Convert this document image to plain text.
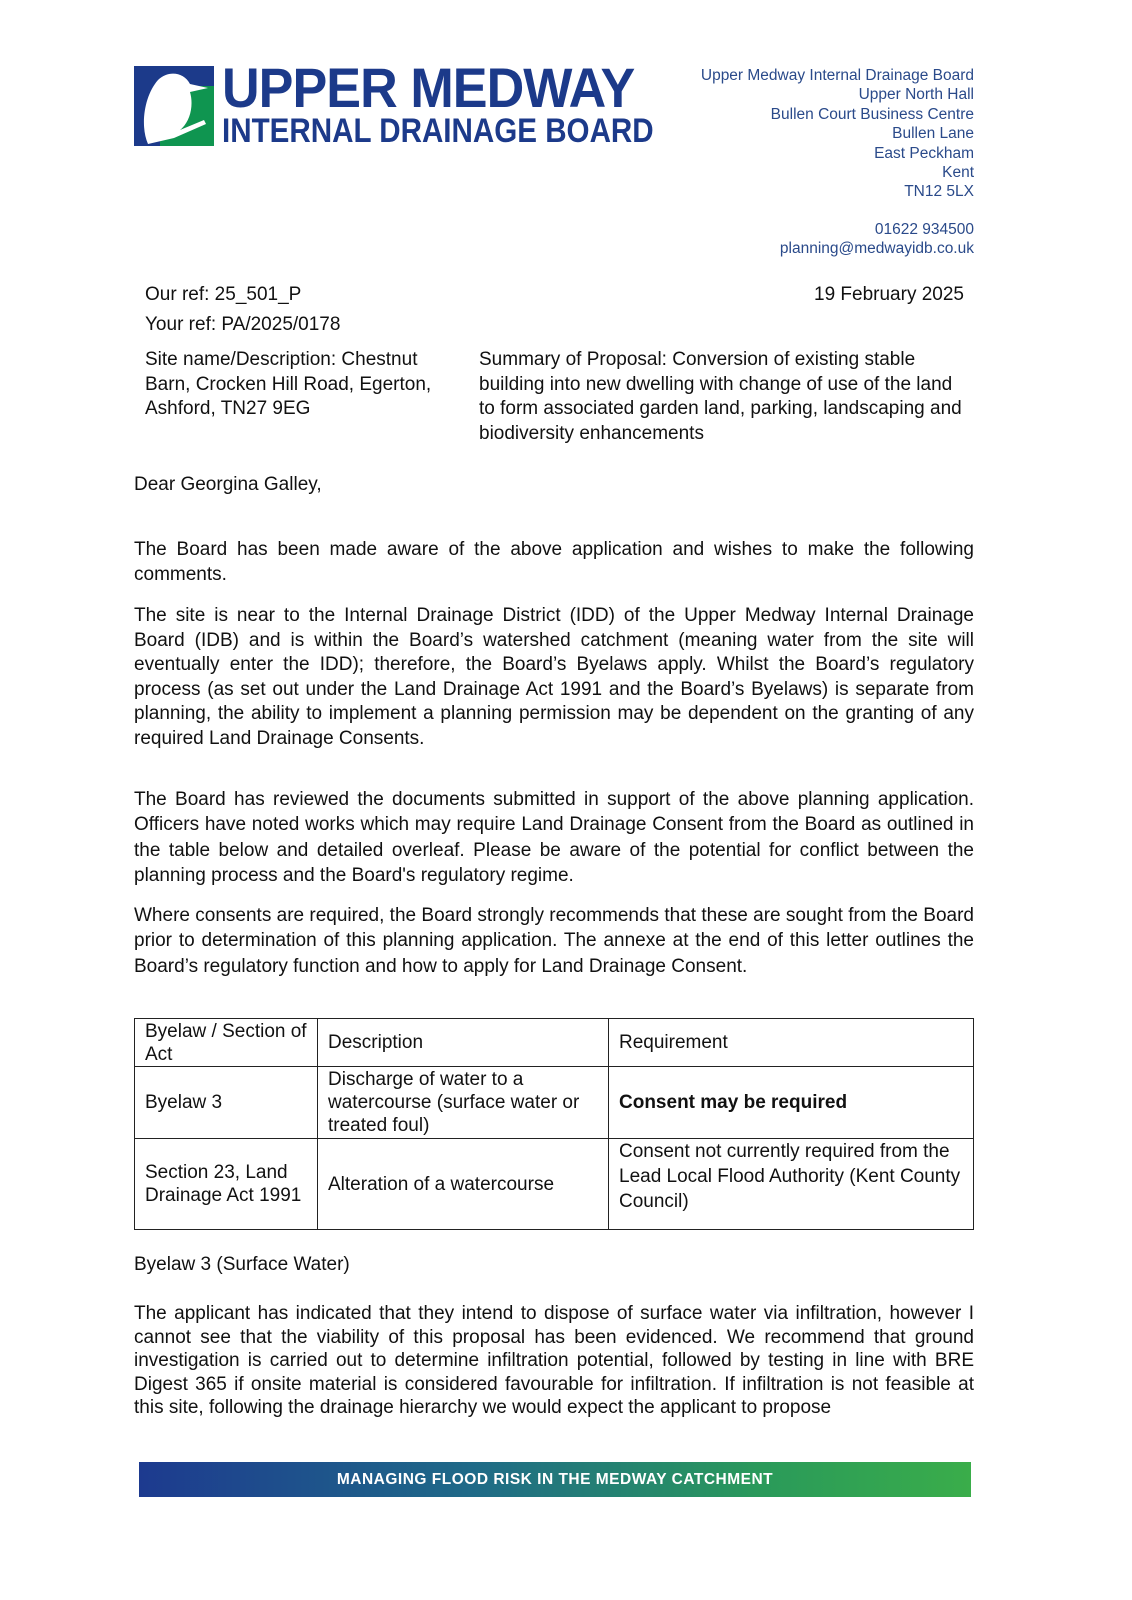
UPPER MEDWAY
INTERNAL DRAINAGE BOARD
Upper Medway Internal Drainage Board
Upper North Hall
Bullen Court Business Centre
Bullen Lane
East Peckham
Kent
TN12 5LX
01622 934500
planning@medwayidb.co.uk
Our ref: 25_501_P
Your ref: PA/2025/0178
19 February 2025
Site name/Description: Chestnut Barn, Crocken Hill Road, Egerton, Ashford, TN27 9EG
Summary of Proposal: Conversion of existing stable building into new dwelling with change of use of the land to form associated garden land, parking, landscaping and biodiversity enhancements
Dear Georgina Galley,
The Board has been made aware of the above application and wishes to make the following comments.
The site is near to the Internal Drainage District (IDD) of the Upper Medway Internal Drainage Board (IDB) and is within the Board’s watershed catchment (meaning water from the site will eventually enter the IDD); therefore, the Board’s Byelaws apply. Whilst the Board’s regulatory process (as set out under the Land Drainage Act 1991 and the Board’s Byelaws) is separate from planning, the ability to implement a planning permission may be dependent on the granting of any required Land Drainage Consents.
The Board has reviewed the documents submitted in support of the above planning application. Officers have noted works which may require Land Drainage Consent from the Board as outlined in the table below and detailed overleaf. Please be aware of the potential for conflict between the planning process and the Board's regulatory regime.
Where consents are required, the Board strongly recommends that these are sought from the Board prior to determination of this planning application. The annexe at the end of this letter outlines the Board’s regulatory function and how to apply for Land Drainage Consent.
Byelaw / Section of Act	Description	Requirement
Byelaw 3	Discharge of water to a watercourse (surface water or treated foul)	Consent may be required
Section 23, Land Drainage Act 1991	Alteration of a watercourse	Consent not currently required from the Lead Local Flood Authority (Kent County Council)
Byelaw 3 (Surface Water)
The applicant has indicated that they intend to dispose of surface water via infiltration, however I cannot see that the viability of this proposal has been evidenced. We recommend that ground investigation is carried out to determine infiltration potential, followed by testing in line with BRE Digest 365 if onsite material is considered favourable for infiltration. If infiltration is not feasible at this site, following the drainage hierarchy we would expect the applicant to propose
MANAGING FLOOD RISK IN THE MEDWAY CATCHMENT
